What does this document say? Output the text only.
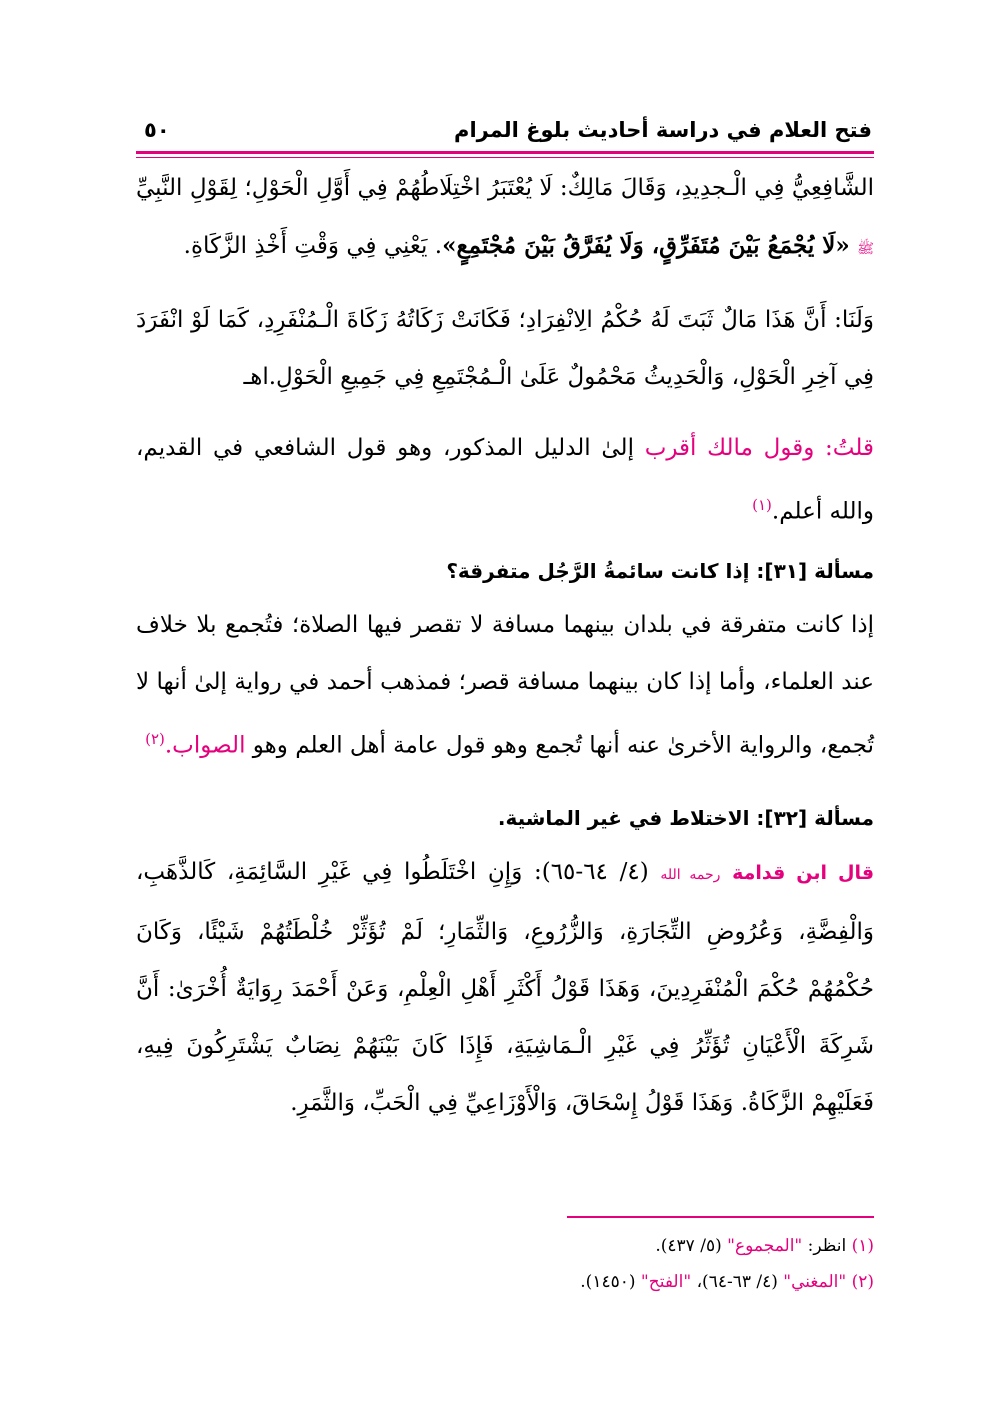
فتح العلام في دراسة أحاديث بلوغ المرام
٥٠

الشَّافِعِيُّ فِي الْـجدِيدِ، وَقَالَ مَالِكٌ: لَا يُعْتَبَرُ اخْتِلَاطُهُمْ فِي أَوَّلِ الْحَوْلِ؛ لِقَوْلِ النَّبِيِّ ﷺ «لَا يُجْمَعُ بَيْنَ مُتَفَرِّقٍ، وَلَا يُفَرَّقُ بَيْنَ مُجْتَمِعٍ». يَعْنِي فِي وَقْتِ أَخْذِ الزَّكَاةِ.

وَلَنَا: أَنَّ هَذَا مَالٌ ثَبَتَ لَهُ حُكْمُ الِانْفِرَادِ؛ فَكَانَتْ زَكَاتُهُ زَكَاةَ الْـمُنْفَرِدِ، كَمَا لَوْ انْفَرَدَ فِي آخِرِ الْحَوْلِ، وَالْحَدِيثُ مَحْمُولٌ عَلَىٰ الْـمُجْتَمِعِ فِي جَمِيعِ الْحَوْلِ.اهـ

قلتُ: وقول مالك أقرب إلىٰ الدليل المذكور، وهو قول الشافعي في القديم، والله أعلم.$^{(١)}$

مسألة [٣١]: إذا كانت سائمةُ الرَّجُل متفرقة؟

إذا كانت متفرقة في بلدان بينهما مسافة لا تقصر فيها الصلاة؛ فتُجمع بلا خلاف عند العلماء، وأما إذا كان بينهما مسافة قصر؛ فمذهب أحمد في رواية إلىٰ أنها لا تُجمع، والرواية الأخرىٰ عنه أنها تُجمع وهو قول عامة أهل العلم وهو الصواب.$^{(٢)}$

مسألة [٣٢]: الاختلاط في غير الماشية.

قال ابن قدامة رحمه الله (٤/ ٦٤-٦٥): وَإِنِ اخْتَلَطُوا فِي غَيْرِ السَّائِمَةِ، كَالذَّهَبِ، وَالْفِضَّةِ، وَعُرُوضِ التِّجَارَةِ، وَالزُّرُوعِ، وَالثِّمَارِ؛ لَمْ تُؤَثِّرْ خُلْطَتُهُمْ شَيْئًا، وَكَانَ حُكْمُهُمْ حُكْمَ الْمُنْفَرِدِينَ، وَهَذَا قَوْلُ أَكْثَرِ أَهْلِ الْعِلْمِ، وَعَنْ أَحْمَدَ رِوَايَةٌ أُخْرَىٰ: أَنَّ شَرِكَةَ الْأَعْيَانِ تُؤَثِّرُ فِي غَيْرِ الْـمَاشِيَةِ، فَإِذَا كَانَ بَيْنَهُمْ نِصَابٌ يَشْتَرِكُونَ فِيهِ، فَعَلَيْهِمْ الزَّكَاةُ. وَهَذَا قَوْلُ إِسْحَاقَ، وَالْأَوْزَاعِيِّ فِي الْحَبِّ، وَالثَّمَرِ.

(١) انظر: "المجموع" (٥/ ٤٣٧).
(٢) "المغني" (٤/ ٦٣-٦٤)، "الفتح" (١٤٥٠).
